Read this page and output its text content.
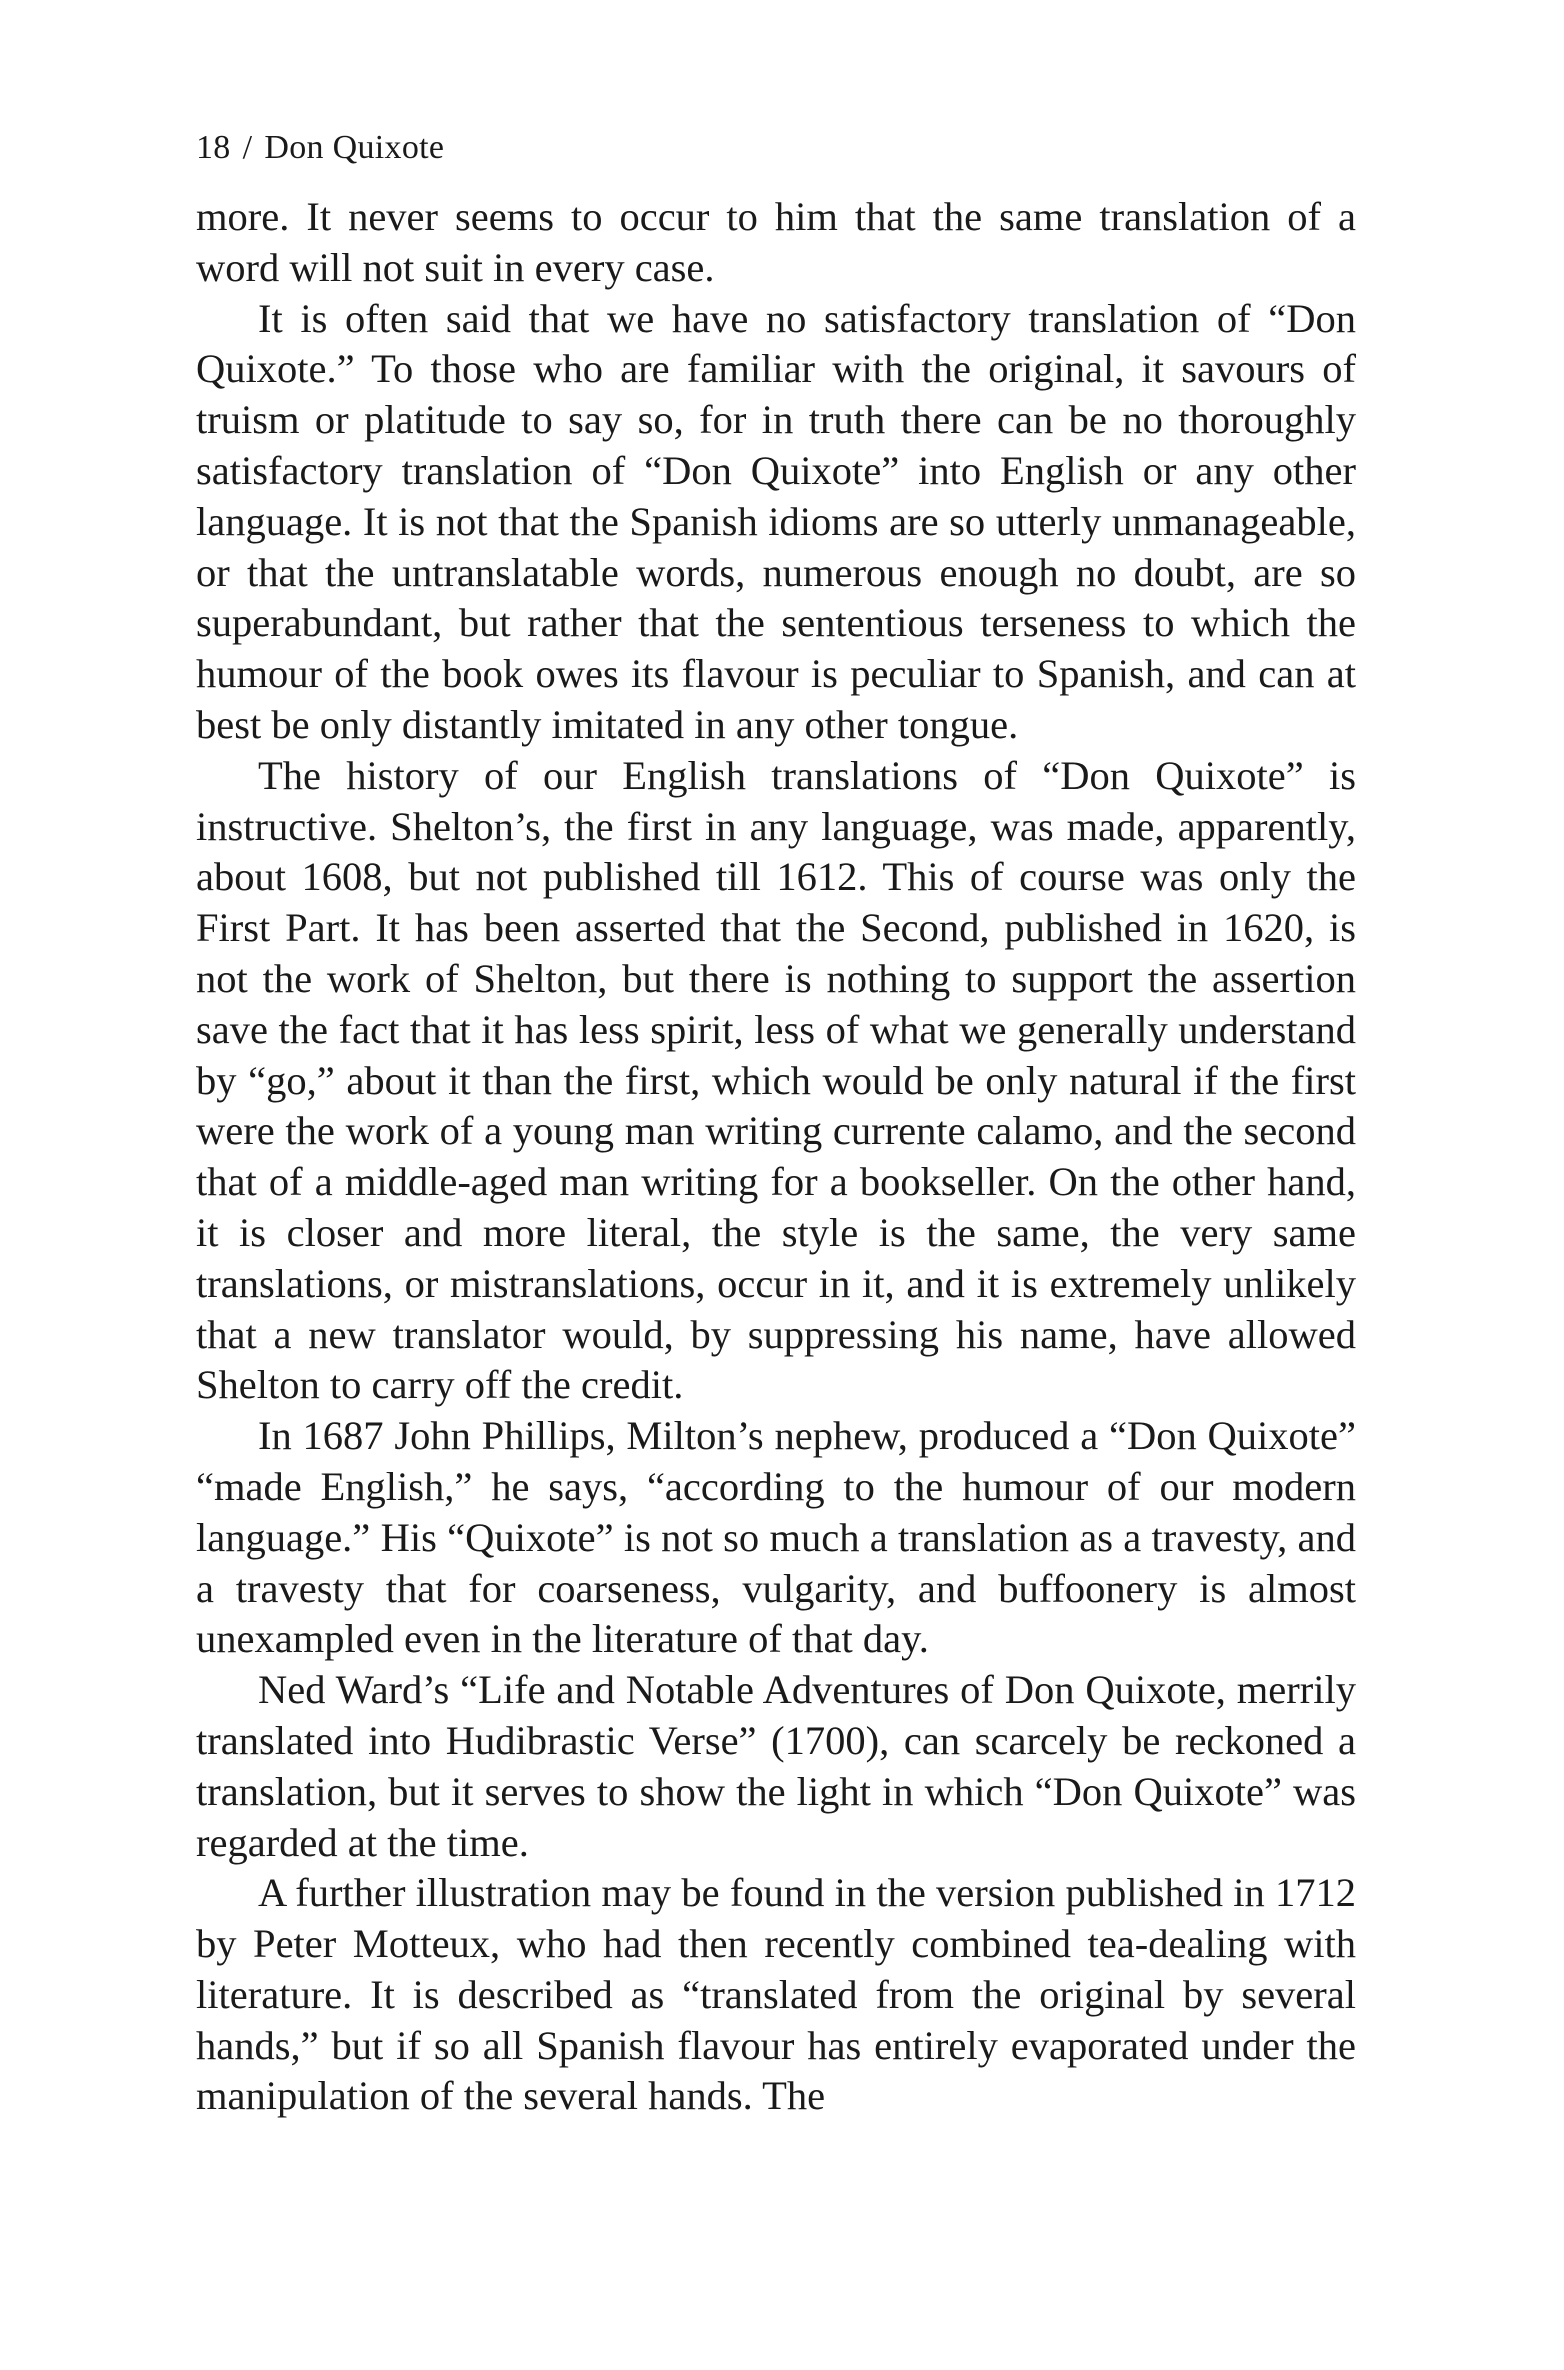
18 / Don Quixote

more. It never seems to occur to him that the same translation of a word will not suit in every case.

It is often said that we have no satisfactory translation of “Don Quixote.” To those who are familiar with the original, it savours of truism or platitude to say so, for in truth there can be no thoroughly satisfactory translation of “Don Quixote” into English or any other language. It is not that the Spanish idioms are so utterly unmanageable, or that the untranslatable words, numerous enough no doubt, are so superabundant, but rather that the sententious terseness to which the humour of the book owes its flavour is peculiar to Spanish, and can at best be only distantly imitated in any other tongue.

The history of our English translations of “Don Quixote” is instructive. Shelton’s, the first in any language, was made, apparently, about 1608, but not published till 1612. This of course was only the First Part. It has been asserted that the Second, published in 1620, is not the work of Shelton, but there is nothing to support the assertion save the fact that it has less spirit, less of what we generally understand by “go,” about it than the first, which would be only natural if the first were the work of a young man writing currente calamo, and the second that of a middle-aged man writing for a bookseller. On the other hand, it is closer and more literal, the style is the same, the very same translations, or mistranslations, occur in it, and it is extremely unlikely that a new translator would, by suppressing his name, have allowed Shelton to carry off the credit.

In 1687 John Phillips, Milton’s nephew, produced a “Don Quixote” “made English,” he says, “according to the humour of our modern language.” His “Quixote” is not so much a translation as a travesty, and a travesty that for coarseness, vulgarity, and buffoonery is almost unexampled even in the literature of that day.

Ned Ward’s “Life and Notable Adventures of Don Quixote, merrily translated into Hudibrastic Verse” (1700), can scarcely be reckoned a translation, but it serves to show the light in which “Don Quixote” was regarded at the time.

A further illustration may be found in the version published in 1712 by Peter Motteux, who had then recently combined tea-dealing with literature. It is described as “translated from the original by several hands,” but if so all Spanish flavour has entirely evaporated under the manipulation of the several hands. The
